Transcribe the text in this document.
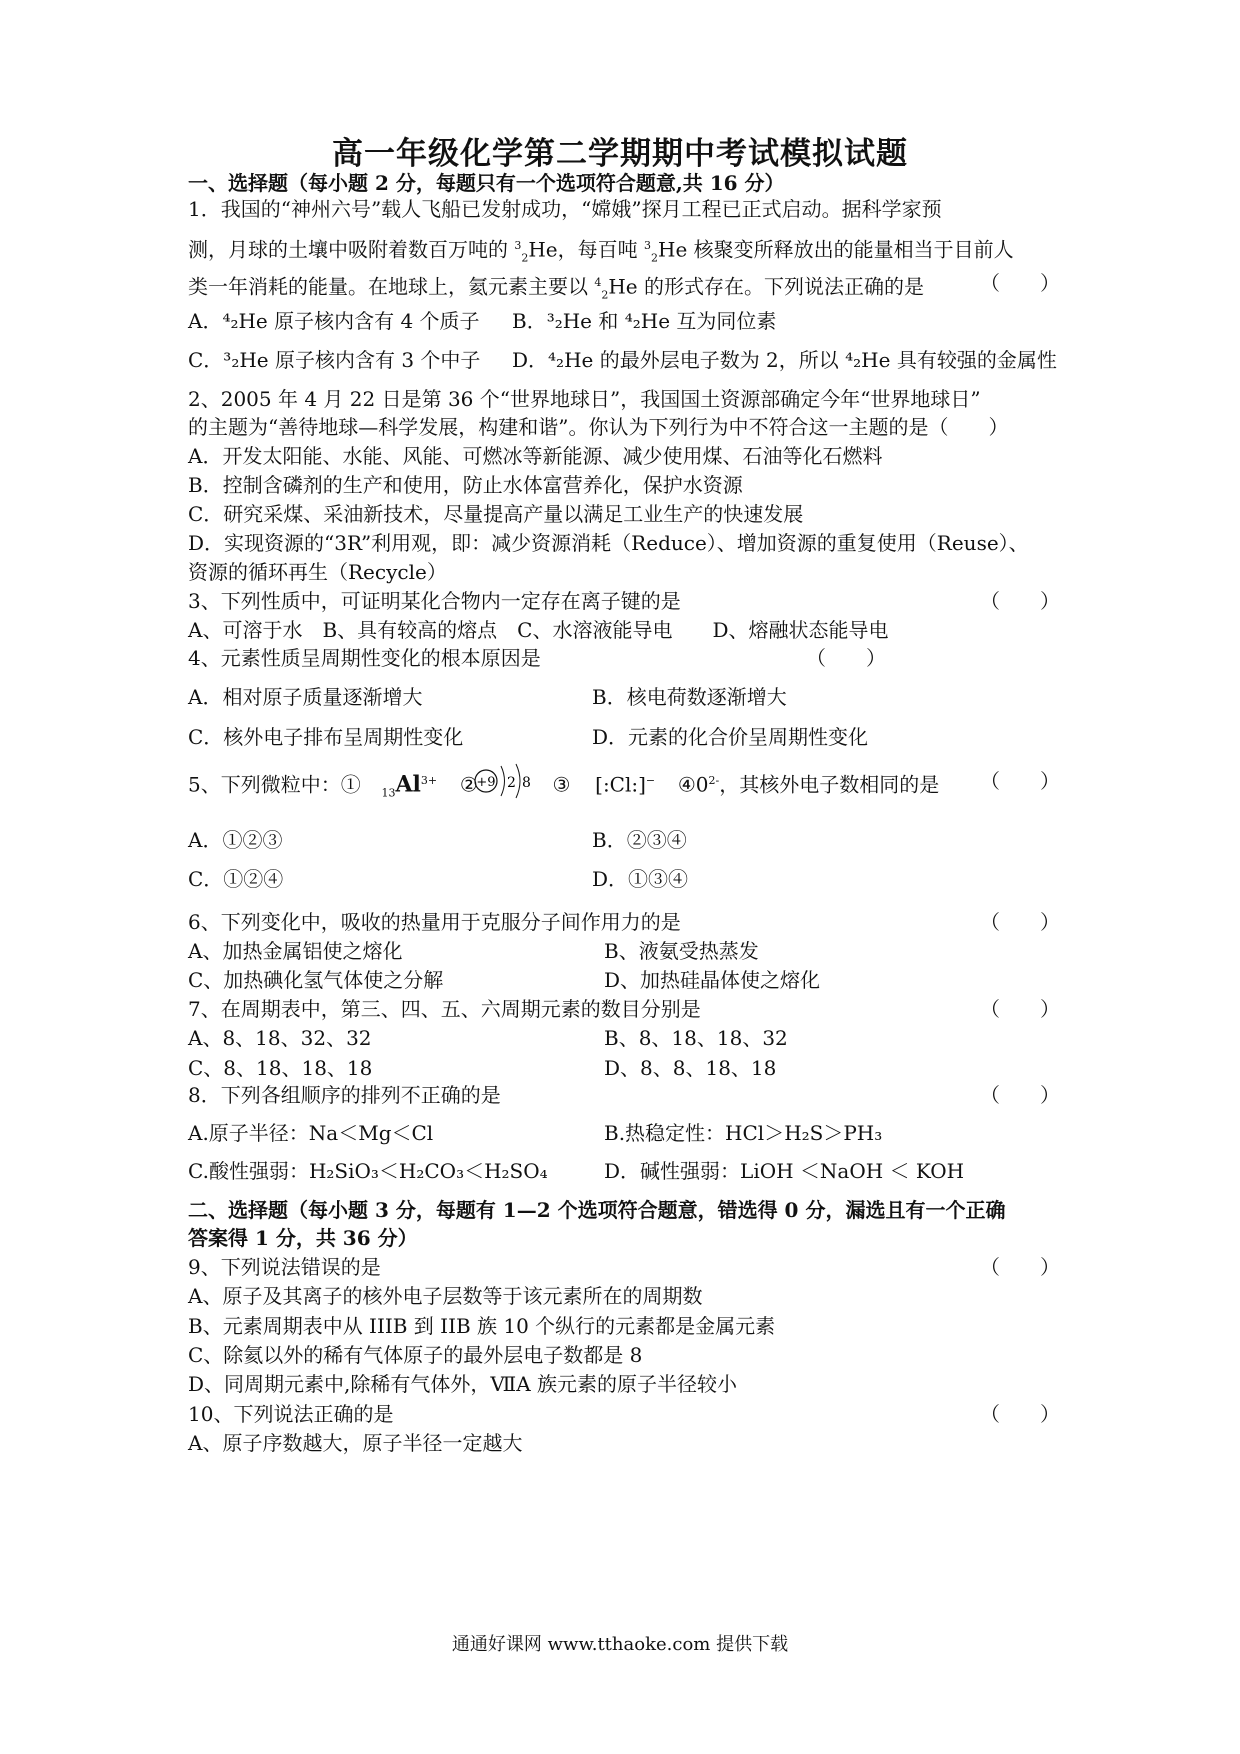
高一年级化学第二学期期中考试模拟试题
一、选择题（每小题 2 分，每题只有一个选项符合题意,共 16 分）
1．我国的“神州六号”载人飞船已发射成功，“嫦娥”探月工程已正式启动。据科学家预
测，月球的土壤中吸附着数百万吨的 $^3_2$He，每百吨 $^3_2$He 核聚变所释放出的能量相当于目前人
类一年消耗的能量。在地球上，氦元素主要以 $^4_2$He 的形式存在。下列说法正确的是	（　　）
A．⁴₂He 原子核内含有 4 个质子 B．³₂He 和 ⁴₂He 互为同位素
C．³₂He 原子核内含有 3 个中子 D．⁴₂He 的最外层电子数为 2，所以 ⁴₂He 具有较强的金属性
2、2005 年 4 月 22 日是第 36 个“世界地球日”，我国国土资源部确定今年“世界地球日”
的主题为“善待地球—科学发展，构建和谐”。你认为下列行为中不符合这一主题的是（　　）
A．开发太阳能、水能、风能、可燃冰等新能源、减少使用煤、石油等化石燃料
B．控制含磷剂的生产和使用，防止水体富营养化，保护水资源
C．研究采煤、采油新技术，尽量提高产量以满足工业生产的快速发展
D．实现资源的“3R”利用观，即：减少资源消耗（Reduce）、增加资源的重复使用（Reuse）、
资源的循环再生（Recycle）
3、下列性质中，可证明某化合物内一定存在离子键的是	（　　）
A、可溶于水　B、具有较高的熔点　C、水溶液能导电　　D、熔融状态能导电
4、元素性质呈周期性变化的根本原因是	（　　）
A．相对原子质量逐渐增大	B．核电荷数逐渐增大
C．核外电子排布呈周期性变化	D．元素的化合价呈周期性变化
5、下列微粒中：① $_{13}Al^{3+}$ ②	③ [:Cl:]− $④0^{2-}$，其核外电子数相同的是
+9 2 8	（　　）
A．①②③	B．②③④
C．①②④	D．①③④
6、下列变化中，吸收的热量用于克服分子间作用力的是	（　　）
A、加热金属铝使之熔化	B、液氨受热蒸发
C、加热碘化氢气体使之分解	D、加热硅晶体使之熔化
7、在周期表中，第三、四、五、六周期元素的数目分别是	（　　）
A、8、18、32、32	B、8、18、18、32
C、8、18、18、18	D、8、8、18、18
8．下列各组顺序的排列不正确的是	（　　）
A.原子半径：Na＜Mg＜Cl	B.热稳定性：HCl＞H₂S＞PH₃
C.酸性强弱：H₂SiO₃＜H₂CO₃＜H₂SO₄	D．碱性强弱：LiOH ＜NaOH ＜ KOH
二、选择题（每小题 3 分，每题有 1—2 个选项符合题意，错选得 0 分，漏选且有一个正确
答案得 1 分，共 36 分）
9、下列说法错误的是	（　　）
A、原子及其离子的核外电子层数等于该元素所在的周期数
B、元素周期表中从 IIIB 到 IIB 族 10 个纵行的元素都是金属元素
C、除氦以外的稀有气体原子的最外层电子数都是 8
D、同周期元素中,除稀有气体外，ⅦA 族元素的原子半径较小
10、下列说法正确的是	（　　）
A、原子序数越大，原子半径一定越大
通通好课网 www.tthaoke.com 提供下载
